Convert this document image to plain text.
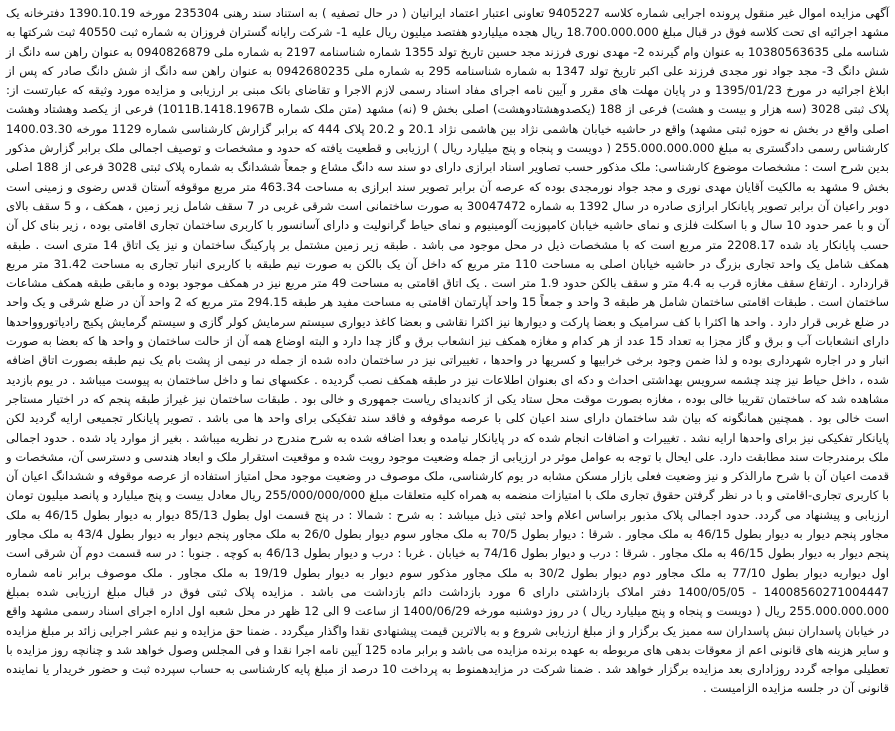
آگهی مزایده اموال غیر منقول پرونده اجرایی شماره کلاسه 9405227 تعاونی اعتبار اعتماد ایرانیان ( در حال تصفیه ) به استناد سند رهنی 235304 مورخه 1390.10.19 دفترخانه یک مشهد اجرائیه ای تحت کلاسه فوق در قبال مبلغ 18.700.000.000 ریال هجده میلیاردو هفتصد میلیون ریال علیه 1- شرکت رایانه گستران فروزان به شماره ثبت 40550 ثبت شرکتها به شناسه ملی 10380563635 به عنوان وام گیرنده 2- مهدی نوری فرزند مجد حسین تاریخ تولد 1355 شماره شناسنامه 2197 به شماره ملی 0940826879 به عنوان راهن سه دانگ از شش دانگ 3- مجد جواد نور مجدی فرزند علی اکبر تاریخ تولد 1347 به شماره شناسنامه 295 به شماره ملی 0942680235 به عنوان راهن سه دانگ از شش دانگ صادر که پس از ابلاغ اجرائیه در مورخ 1395/01/23 و در پایان مهلت های مقرر و آیین نامه اجرای مفاد اسناد رسمی لازم الاجرا و تقاضای بانک مبنی بر ارزیابی و مزایده مورد وثیقه که عبارتست از: پلاک ثبتی 3028 (سه هزار و بیست و هشت) فرعی از 188 (یکصدوهشتادوهشت) اصلی بخش 9 (نه) مشهد (متن ملک شماره 1011B.1418.1967B) فرعی از یکصد وهشتاد وهشت اصلی واقع در بخش نه حوزه ثبتی مشهد) واقع در حاشیه خیابان هاشمی نژاد بین هاشمی نژاد 20.1 و 20.2 پلاک 444 که برابر گزارش کارشناسی شماره 1129 مورخه 1400.03.30 کارشناس رسمی دادگستری به مبلغ 255.000.000.000 ( دویست و پنجاه و پنج میلیارد ریال ) ارزیابی و قطعیت یافته که حدود و مشخصات و توصیف اجمالی ملک برابر گزارش مذکور بدین شرح است : مشخصات موضوع کارشناسی: ملک مذکور حسب تصاویر اسناد ابرازی دارای دو سند سه دانگ مشاع و جمعاً ششدانگ به شماره پلاک ثبتی 3028 فرعی از 188 اصلی بخش 9 مشهد به مالکیت آقایان مهدی نوری و مجد جواد نورمجدی بوده که عرصه آن برابر تصویر سند ابرازی به مساحت 463.34 متر مربع موقوفه آستان قدس رضوی و زمینی است دوبر راعیان آن برابر تصویر پایانکار ابرازی صادره در سال 1392 به شماره 30047472 به صورت ساختمانی است شرقی غربی در 7 سقف شامل زیر زمین ، همکف ، و 5 سقف بالای آن و با عمر حدود 10 سال و با اسکلت فلزی و نمای حاشیه خیابان کامپوزیت آلومینیوم و نمای حیاط گرانولیت و دارای آسانسور با کاربری ساختمان تجاری اقامتی بوده ، زیر بنای کل آن حسب پایانکار یاد شده 2208.17 متر مربع است که با مشخصات ذیل در محل موجود می باشد . طبقه زیر زمین مشتمل بر پارکینگ ساختمان و نیز یک اتاق 14 متری است . طبقه همکف شامل یک واحد تجاری بزرگ در حاشیه خیابان اصلی به مساحت 110 متر مربع که داخل آن یک بالکن به صورت نیم طبقه با کاربری انبار تجاری به مساحت 31.42 متر مربع قراردارد . ارتفاع سقف مغازه قرب به 4.4 متر و سقف بالکن حدود 1.9 متر است . یک اتاق اقامتی به مساحت 49 متر مربع نیز در همکف موجود بوده و مابقی طبقه همکف مشاعات ساختمان است . طبقات اقامتی ساختمان شامل هر طبقه 3 واحد و جمعاً 15 واحد آپارتمان اقامتی به مساحت مفید هر طبقه 294.15 متر مربع که 2 واحد آن در ضلع شرقی و یک واحد در ضلع غربی قرار دارد . واحد ها اکثرا با کف سرامیک و بعضا پارکت و دیوارها نیز اکثرا نقاشی و بعضا کاغذ دیواری سیستم سرمایش کولر گازی و سیستم گرمایش پکیج رادیاتوروواحدها دارای انشعابات آب و برق و گاز مجزا به تعداد 15 عدد از هر کدام و مغازه همکف نیز انشعاب برق و گاز چدا دارد و البته اوضاع همه آن از حالت ساختمان و واحد ها که بعضا به صورت انبار و در اجاره شهرداری بوده و لذا ضمن وجود برخی خرابیها و کسریها در واحدها ، تغییراتی نیز در ساختمان داده شده از جمله در نیمی از پشت بام یک نیم طبقه بصورت اتاق اضافه شده ، داخل حیاط نیز چند چشمه سرویس بهداشتی احداث و دکه ای بعنوان اطلاعات نیز در طبقه همکف نصب گردیده . عکسهای نما و داخل ساختمان به پیوست میباشد . در یوم بازدید مشاهده شد که ساختمان تقریبا خالی بوده ، مغازه بصورت موقت محل ستاد یکی از کاندیدای ریاست جمهوری و خالی بود . طبقات ساختمان نیز غیراز طبقه پنجم که در اختیار مستاجر است خالی بود . همچنین همانگونه که بیان شد ساختمان دارای سند اعیان کلی با عرصه موقوفه و فاقد سند تفکیکی برای واحد ها می باشد . تصویر پایانکار تجمیعی ارایه گردید لکن پایانکار تفکیکی نیز برای واحدها ارایه نشد . تغییرات و اضافات انجام شده که در پایانکار نیامده و بعدا اضافه شده به شرح مندرج در نظریه میباشد . بغیر از موارد یاد شده . حدود اجمالی ملک برمندرجات سند مطابقت دارد. علی ایحال با توجه به عوامل موثر در ارزیابی از جمله وضعیت موجود رویت شده و موقعیت استقرار ملک و ابعاد هندسی و دسترسی آن، مشخصات و قدمت اعیان آن با شرح مارالذکر و نیز وضعیت فعلی بازار مسکن مشابه در یوم کارشناسی، ملک موصوف در وضعیت موجود محل امتیاز استفاده از عرصه موقوفه و ششدانگ اعیان آن با کاربری تجاری-اقامتی و با در نظر گرفتن حقوق تجاری ملک با امتیازات منضمه به همراه کلیه متعلقات مبلغ 255/000/000/000 ریال معادل بیست و پنج میلیارد و پانصد میلیون تومان ارزیابی و پیشنهاد می گردد. حدود اجمالی پلاک مذبور براساس اعلام واحد ثبتی ذیل میباشد : به شرح : شمالا : در پنج قسمت اول بطول 85/13 دیوار به دیوار بطول 46/15 به ملک مجاور پنجم دیوار به دیوار بطول 46/15 به ملک مجاور . شرقا : دیوار بطول 70/5 به ملک مجاور سوم دیوار بطول 26/0 به ملک مجاور پنجم دیوار به دیوار بطول 43/4 به ملک مجاور پنجم دیوار به دیوار بطول 46/15 به ملک مجاور . شرقا : درب و دیوار بطول 74/16 به خیابان . غربا : درب و دیوار بطول 46/13 به کوچه . جنوبا : در سه قسمت دوم آن شرقی است اول دیواریه دیوار بطول 77/10 به ملک مجاور دوم دیوار بطول 30/2 به ملک مجاور مذکور سوم دیوار به دیوار بطول 19/19 به ملک مجاور . ملک موصوف برابر نامه شماره 14008560271004447 - 1400/05/05 دفتر املاک بازداشتی دارای 6 مورد بازداشت دائم بازداشت می باشد . مزایده پلاک ثبتی فوق در قبال مبلغ ارزیابی شده بمبلغ 255.000.000.000 ریال ( دویست و پنجاه و پنج میلیارد ریال ) در روز دوشنبه مورخه 1400/06/29 از ساعت 9 الی 12 ظهر در محل شعبه اول اداره اجرای اسناد رسمی مشهد واقع در خیابان پاسداران نبش پاسداران سه ممیز یک برگزار و از مبلغ ارزیابی شروع و به بالاترین قیمت پیشنهادی نقدا واگذار میگردد . ضمنا حق مزایده و نیم عشر اجرایی زائد بر مبلغ مزایده و سایر هزینه های قانونی اعم از معوقات بدهی های مربوطه به عهده برنده مزایده می باشد و برابر ماده 125 آیین نامه اجرا نقدا و فی المجلس وصول خواهد شد و چنانچه روز مزایده با تعطیلی مواجه گردد روزاداری بعد مزایده برگزار خواهد شد . ضمنا شرکت در مزایدهمنوط به پرداخت 10 درصد از مبلغ پایه کارشناسی به حساب سپرده ثبت و حضور خریدار یا نماینده قانونی آن در جلسه مزایده الزامیست .
